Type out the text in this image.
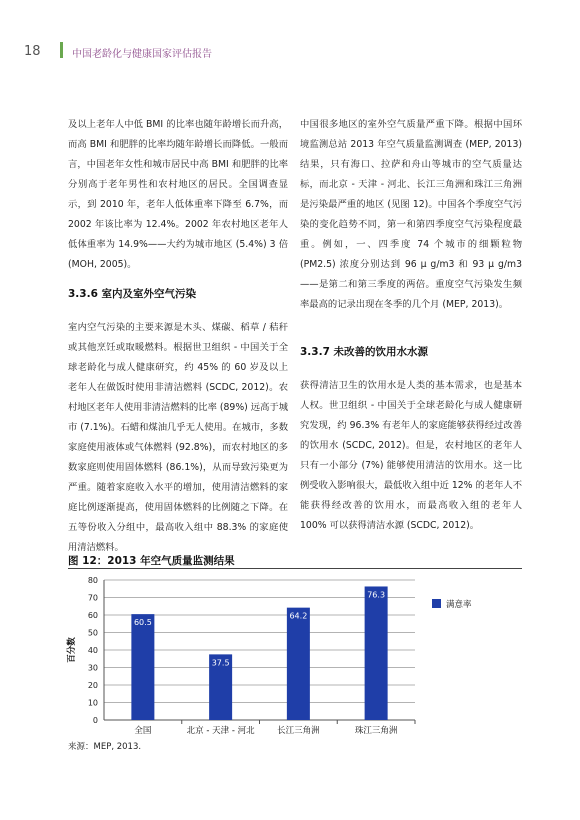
18	中国老龄化与健康国家评估报告

及以上老年人中低 BMI 的比率也随年龄增长而升高，而高 BMI 和肥胖的比率均随年龄增长而降低。一般而言，中国老年女性和城市居民中高 BMI 和肥胖的比率分别高于老年男性和农村地区的居民。全国调查显示，到 2010 年，老年人低体重率下降至 6.7%，而 2002 年该比率为 12.4%。2002 年农村地区老年人低体重率为 14.9%——大约为城市地区 (5.4%) 3 倍 (MOH, 2005)。

3.3.6 室内及室外空气污染

室内空气污染的主要来源是木头、煤碳、稻草 / 秸秆或其他烹饪或取暖燃料。根据世卫组织 - 中国关于全球老龄化与成人健康研究，约 45% 的 60 岁及以上老年人在做饭时使用非清洁燃料 (SCDC, 2012)。农村地区老年人使用非清洁燃料的比率 (89%) 远高于城市 (7.1%)。石蜡和煤油几乎无人使用。在城市，多数家庭使用液体或气体燃料 (92.8%)，而农村地区的多数家庭则使用固体燃料 (86.1%)，从而导致污染更为严重。随着家庭收入水平的增加，使用清洁燃料的家庭比例逐渐提高，使用固体燃料的比例随之下降。在五等份收入分组中，最高收入组中 88.3% 的家庭使用清洁燃料。

中国很多地区的室外空气质量严重下降。根据中国环境监测总站 2013 年空气质量监测调查 (MEP, 2013) 结果，只有海口、拉萨和舟山等城市的空气质量达标，而北京 - 天津 - 河北、长江三角洲和珠江三角洲是污染最严重的地区 (见图 12)。中国各个季度空气污染的变化趋势不同，第一和第四季度空气污染程度最重。例如，一、四季度 74 个城市的细颗粒物 (PM2.5) 浓度分别达到 96 μ g/m3 和 93 μ g/m3——是第二和第三季度的两倍。重度空气污染发生频率最高的记录出现在冬季的几个月 (MEP, 2013)。

3.3.7 未改善的饮用水水源

获得清洁卫生的饮用水是人类的基本需求，也是基本人权。世卫组织 - 中国关于全球老龄化与成人健康研究发现，约 96.3% 有老年人的家庭能够获得经过改善的饮用水 (SCDC, 2012)。但是，农村地区的老年人只有一小部分 (7%) 能够使用清洁的饮用水。这一比例受收入影响很大，最低收入组中近 12% 的老年人不能获得经改善的饮用水，而最高收入组的老年人 100% 可以获得清洁水源 (SCDC, 2012)。

图 12：2013 年空气质量监测结果
0
10
20
30
40
50
60
70
80
百分数
60.5
全国
37.5
北京 - 天津 - 河北
64.2
长江三角洲
76.3
珠江三角洲
满意率
来源：MEP, 2013.
